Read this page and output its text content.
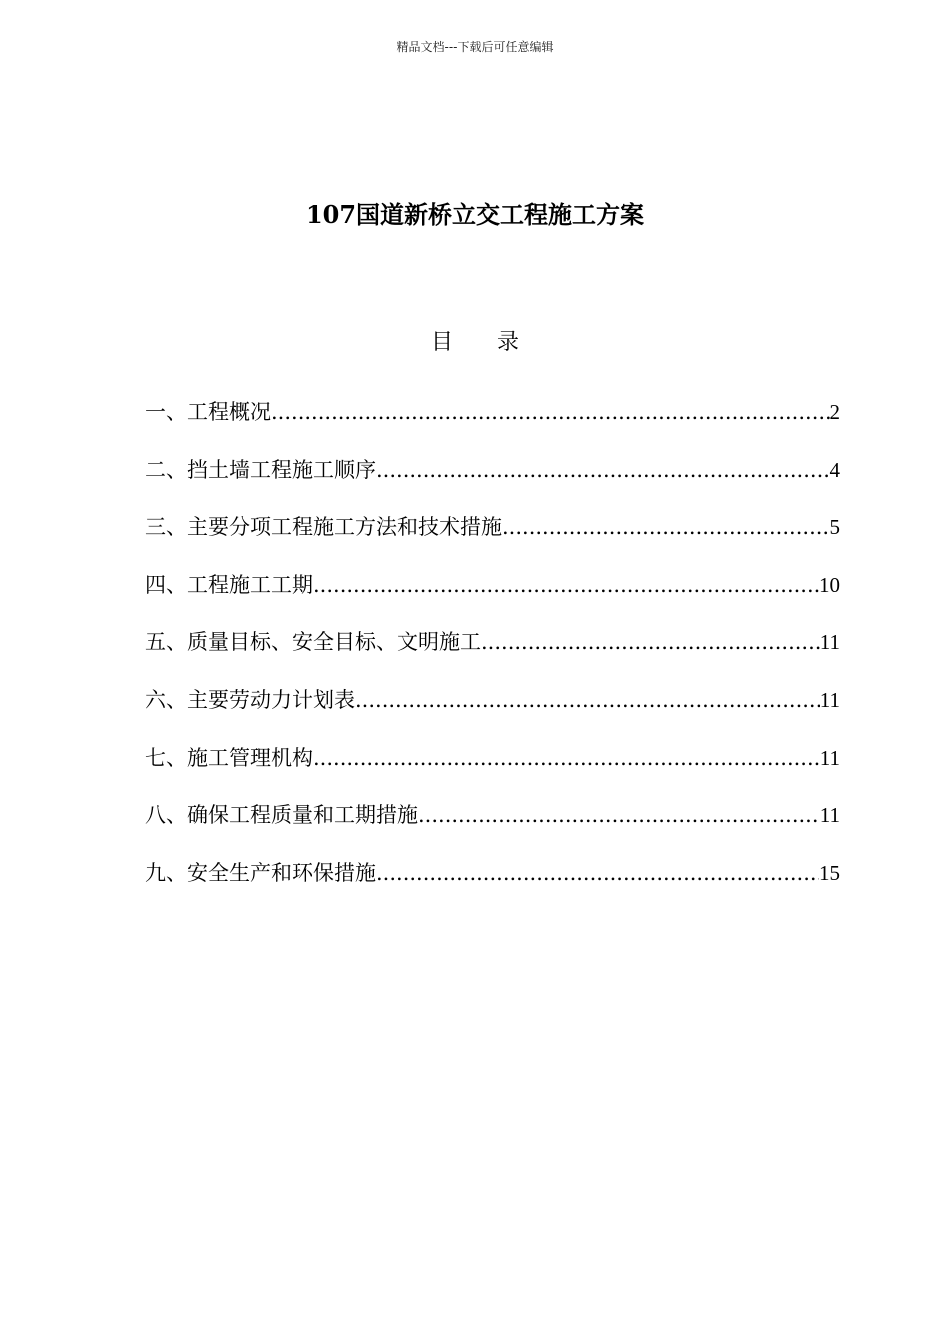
精品文档---下载后可任意编辑
107国道新桥立交工程施工方案
目 录
一、工程概况 .....	2
二、挡土墙工程施工顺序 .....	4
三、主要分项工程施工方法和技术措施 .....	5
四、工程施工工期 .....	10
五、质量目标、安全目标、文明施工 .....	11
六、主要劳动力计划表 .....	11
七、施工管理机构 .....	11
八、确保工程质量和工期措施 .....	11
九、安全生产和环保措施 .....	15
